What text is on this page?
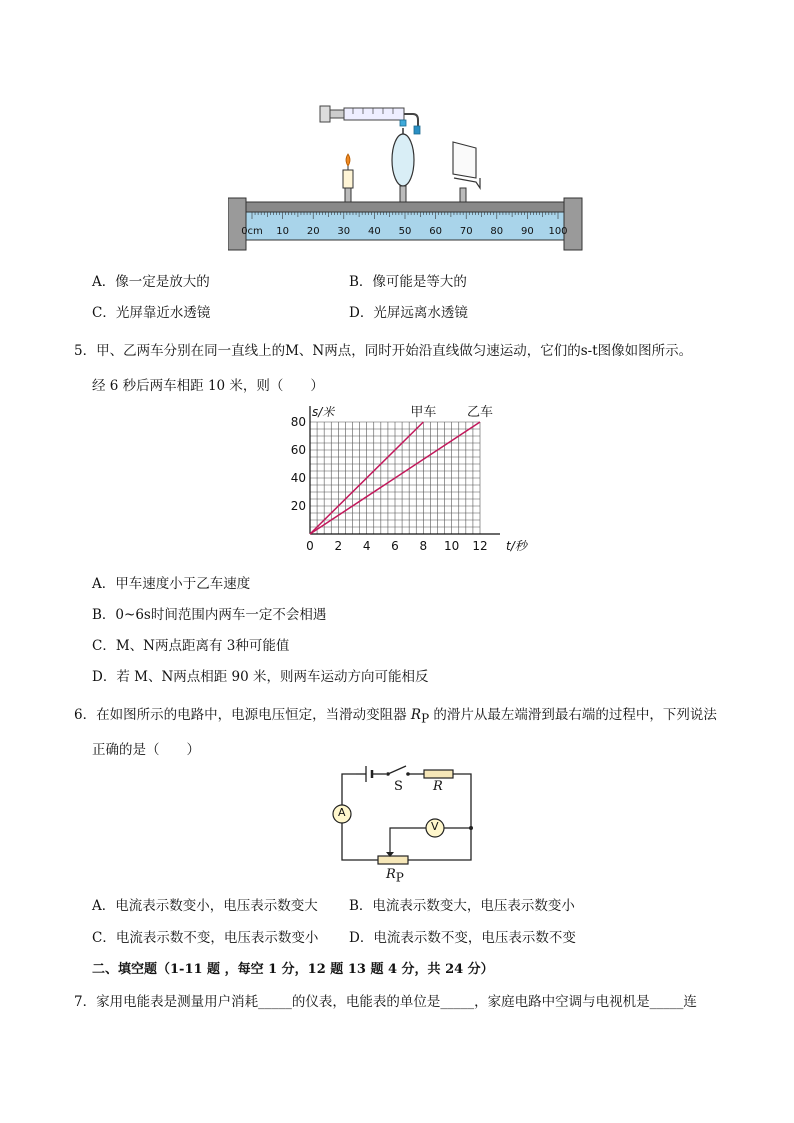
0cm 10 20 30 40 50 60 70 80 90 100
A．像一定是放大的	B．像可能是等大的
C．光屏靠近水透镜	D．光屏远离水透镜
5．甲、乙两车分别在同一直线上的M、N两点，同时开始沿直线做匀速运动，它们的s-t图像如图所示。
经 6 秒后两车相距 10 米，则（　　）
0 2 4 6 8 10 12
20
40
60
80
t/秒
s/米	甲车 乙车
A．甲车速度小于乙车速度
B．0~6s时间范围内两车一定不会相遇
C．M、N两点距离有 3种可能值
D．若 M、N两点相距 90 米，则两车运动方向可能相反
6．在如图所示的电路中，电源电压恒定，当滑动变阻器 $R_P$ 的滑片从最左端滑到最右端的过程中，下列说法
正确的是（　　）
A
V
S R
$R_P$
A．电流表示数变小，电压表示数变大 B．电流表示数变大，电压表示数变小
C．电流表示数不变，电压表示数变小 D．电流表示数不变，电压表示数不变
二、填空题（1-11 题 ，每空 1 分，12 题 13 题 4 分，共 24 分）
7．家用电能表是测量用户消耗_____的仪表，电能表的单位是_____，家庭电路中空调与电视机是_____连
